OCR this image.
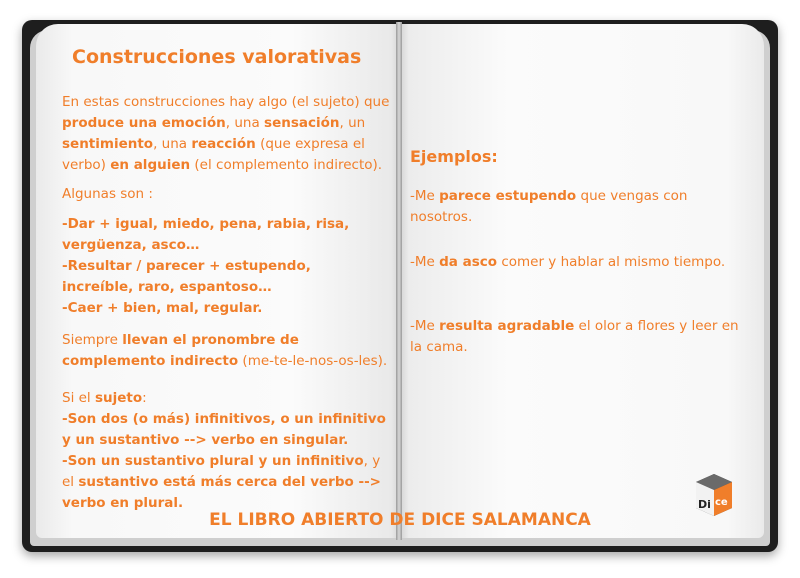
Construcciones valorativas
En estas construcciones hay algo (el sujeto) que produce una emoción, una sensación, un sentimiento, una reacción (que expresa el verbo) en alguien (el complemento indirecto).
Algunas son :
-Dar + igual, miedo, pena, rabia, risa, vergüenza, asco…
-Resultar / parecer + estupendo, increíble, raro, espantoso…
-Caer + bien, mal, regular.
Siempre llevan el pronombre de complemento indirecto (me-te-le-nos-os-les).
Si el sujeto:
-Son dos (o más) infinitivos, o un infinitivo y un sustantivo --> verbo en singular.
-Son un sustantivo plural y un infinitivo, y el sustantivo está más cerca del verbo --> verbo en plural.
Ejemplos:
-Me parece estupendo que vengas con nosotros.
-Me da asco comer y hablar al mismo tiempo.
-Me resulta agradable el olor a flores y leer en la cama.
EL LIBRO ABIERTO DE DICE SALAMANCA
Di ce
